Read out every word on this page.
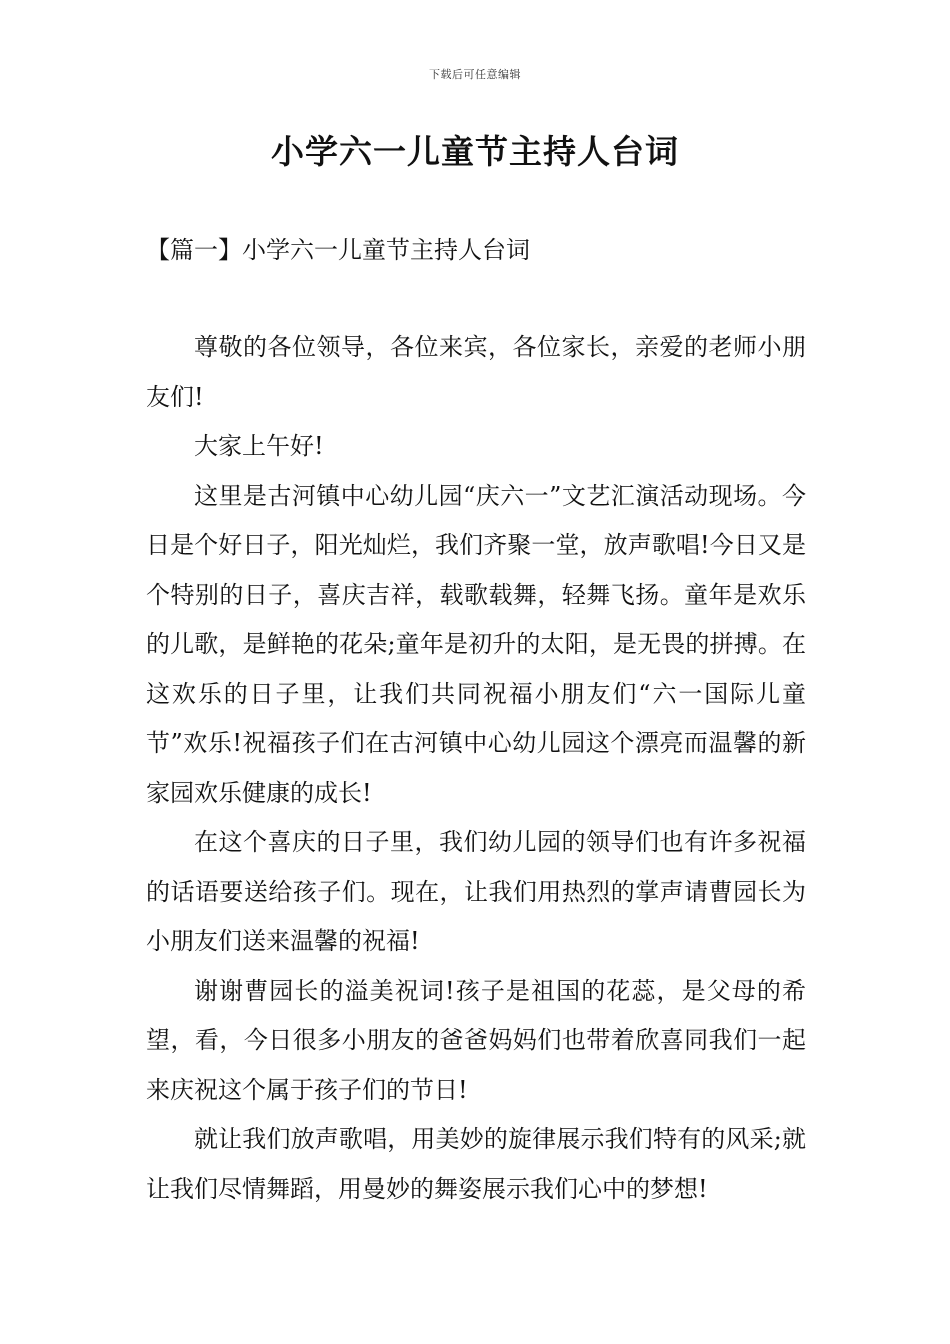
下载后可任意编辑
小学六一儿童节主持人台词
【篇一】小学六一儿童节主持人台词

尊敬的各位领导，各位来宾，各位家长，亲爱的老师小朋友们!

大家上午好!

这里是古河镇中心幼儿园“庆六一”文艺汇演活动现场。今日是个好日子，阳光灿烂，我们齐聚一堂，放声歌唱!今日又是个特别的日子，喜庆吉祥，载歌载舞，轻舞飞扬。童年是欢乐的儿歌，是鲜艳的花朵;童年是初升的太阳，是无畏的拼搏。在这欢乐的日子里，让我们共同祝福小朋友们“六一国际儿童节”欢乐!祝福孩子们在古河镇中心幼儿园这个漂亮而温馨的新家园欢乐健康的成长!

在这个喜庆的日子里，我们幼儿园的领导们也有许多祝福的话语要送给孩子们。现在，让我们用热烈的掌声请曹园长为小朋友们送来温馨的祝福!

谢谢曹园长的溢美祝词!孩子是祖国的花蕊，是父母的希望，看，今日很多小朋友的爸爸妈妈们也带着欣喜同我们一起来庆祝这个属于孩子们的节日!

就让我们放声歌唱，用美妙的旋律展示我们特有的风采;就让我们尽情舞蹈，用曼妙的舞姿展示我们心中的梦想!
